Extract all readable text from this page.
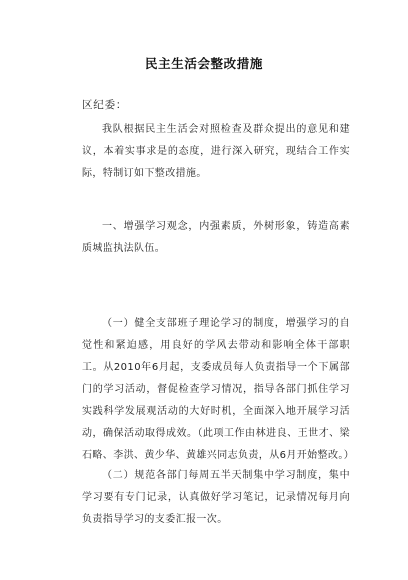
民主生活会整改措施
区纪委：

我队根据民主生活会对照检查及群众提出的意见和建议，本着实事求是的态度，进行深入研究，现结合工作实际，特制订如下整改措施。

一、增强学习观念，内强素质，外树形象，铸造高素质城监执法队伍。

（一）健全支部班子理论学习的制度，增强学习的自觉性和紧迫感，用良好的学风去带动和影响全体干部职工。从2010年6月起，支委成员每人负责指导一个下属部门的学习活动，督促检查学习情况，指导各部门抓住学习实践科学发展观活动的大好时机，全面深入地开展学习活动，确保活动取得成效。（此项工作由林进良、王世才、梁石略、李洪、黄少华、黄雄兴同志负责，从6月开始整改。）

（二）规范各部门每周五半天制集中学习制度，集中学习要有专门记录，认真做好学习笔记，记录情况每月向负责指导学习的支委汇报一次。
